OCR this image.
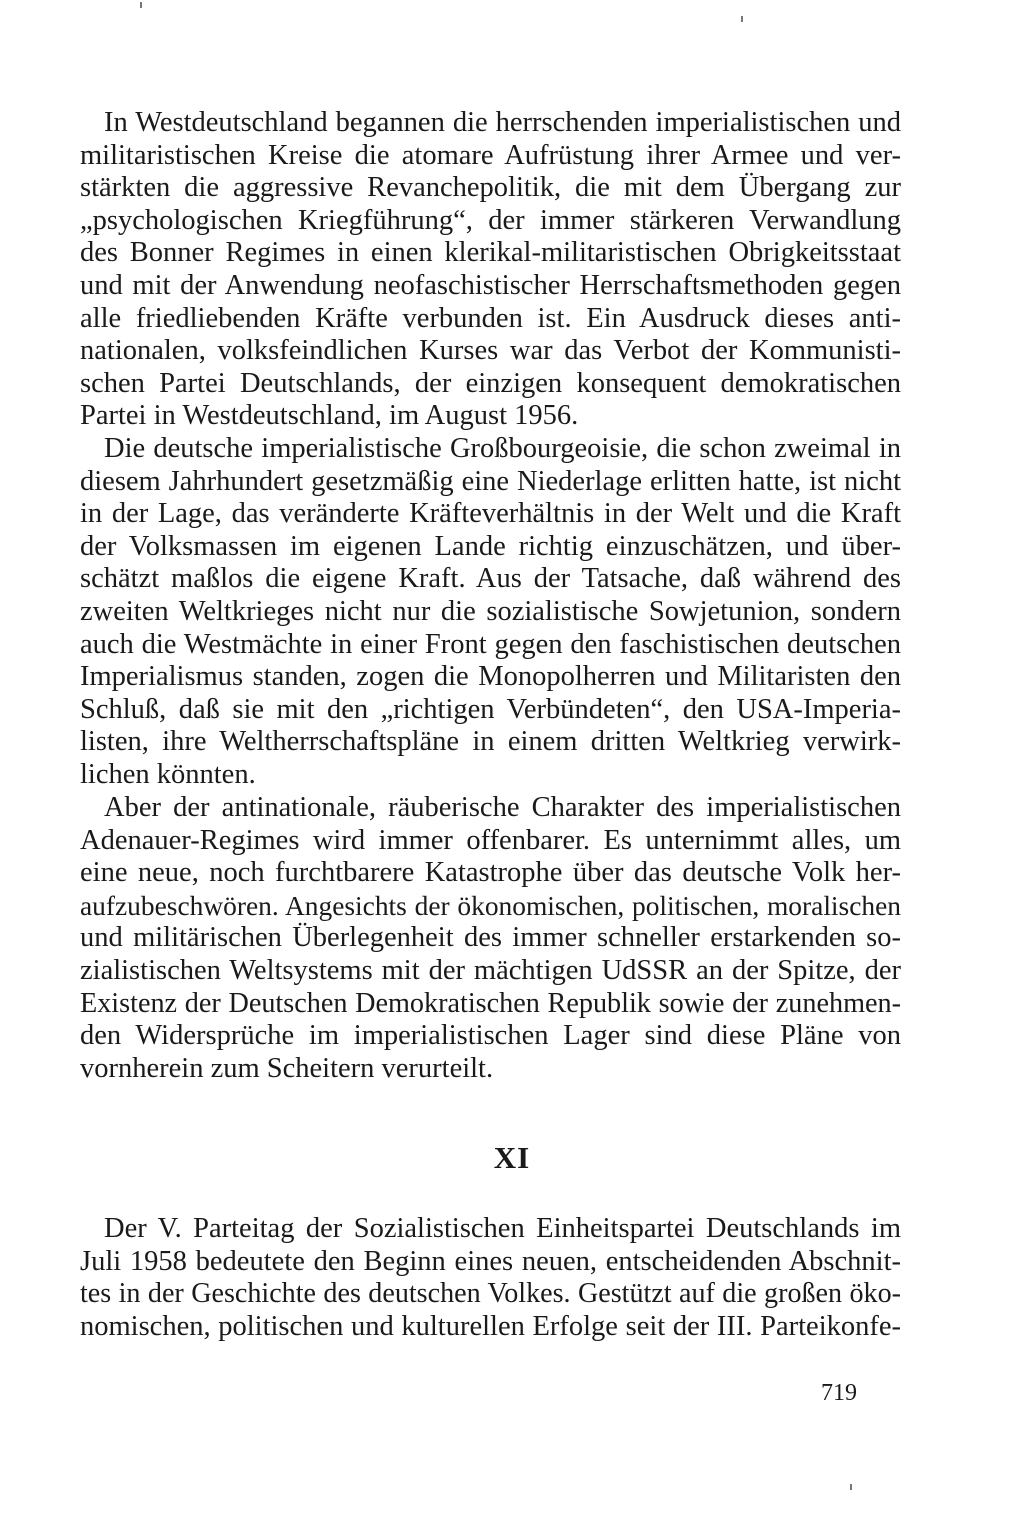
In Westdeutschland begannen die herrschenden imperialistischen und
militaristischen Kreise die atomare Aufrüstung ihrer Armee und ver-
stärkten die aggressive Revanchepolitik, die mit dem Übergang zur
„psychologischen Kriegführung“, der immer stärkeren Verwandlung
des Bonner Regimes in einen klerikal-militaristischen Obrigkeitsstaat
und mit der Anwendung neofaschistischer Herrschaftsmethoden gegen
alle friedliebenden Kräfte verbunden ist. Ein Ausdruck dieses anti-
nationalen, volksfeindlichen Kurses war das Verbot der Kommunisti-
schen Partei Deutschlands, der einzigen konsequent demokratischen
Partei in Westdeutschland, im August 1956.
Die deutsche imperialistische Großbourgeoisie, die schon zweimal in
diesem Jahrhundert gesetzmäßig eine Niederlage erlitten hatte, ist nicht
in der Lage, das veränderte Kräfteverhältnis in der Welt und die Kraft
der Volksmassen im eigenen Lande richtig einzuschätzen, und über-
schätzt maßlos die eigene Kraft. Aus der Tatsache, daß während des
zweiten Weltkrieges nicht nur die sozialistische Sowjetunion, sondern
auch die Westmächte in einer Front gegen den faschistischen deutschen
Imperialismus standen, zogen die Monopolherren und Militaristen den
Schluß, daß sie mit den „richtigen Verbündeten“, den USA-Imperia-
listen, ihre Weltherrschaftspläne in einem dritten Weltkrieg verwirk-
lichen könnten.
Aber der antinationale, räuberische Charakter des imperialistischen
Adenauer-Regimes wird immer offenbarer. Es unternimmt alles, um
eine neue, noch furchtbarere Katastrophe über das deutsche Volk her-
aufzubeschwören. Angesichts der ökonomischen, politischen, moralischen
und militärischen Überlegenheit des immer schneller erstarkenden so-
zialistischen Weltsystems mit der mächtigen UdSSR an der Spitze, der
Existenz der Deutschen Demokratischen Republik sowie der zunehmen-
den Widersprüche im imperialistischen Lager sind diese Pläne von
vornherein zum Scheitern verurteilt.
XI
Der V. Parteitag der Sozialistischen Einheitspartei Deutschlands im
Juli 1958 bedeutete den Beginn eines neuen, entscheidenden Abschnit-
tes in der Geschichte des deutschen Volkes. Gestützt auf die großen öko-
nomischen, politischen und kulturellen Erfolge seit der III. Parteikonfe-
719
